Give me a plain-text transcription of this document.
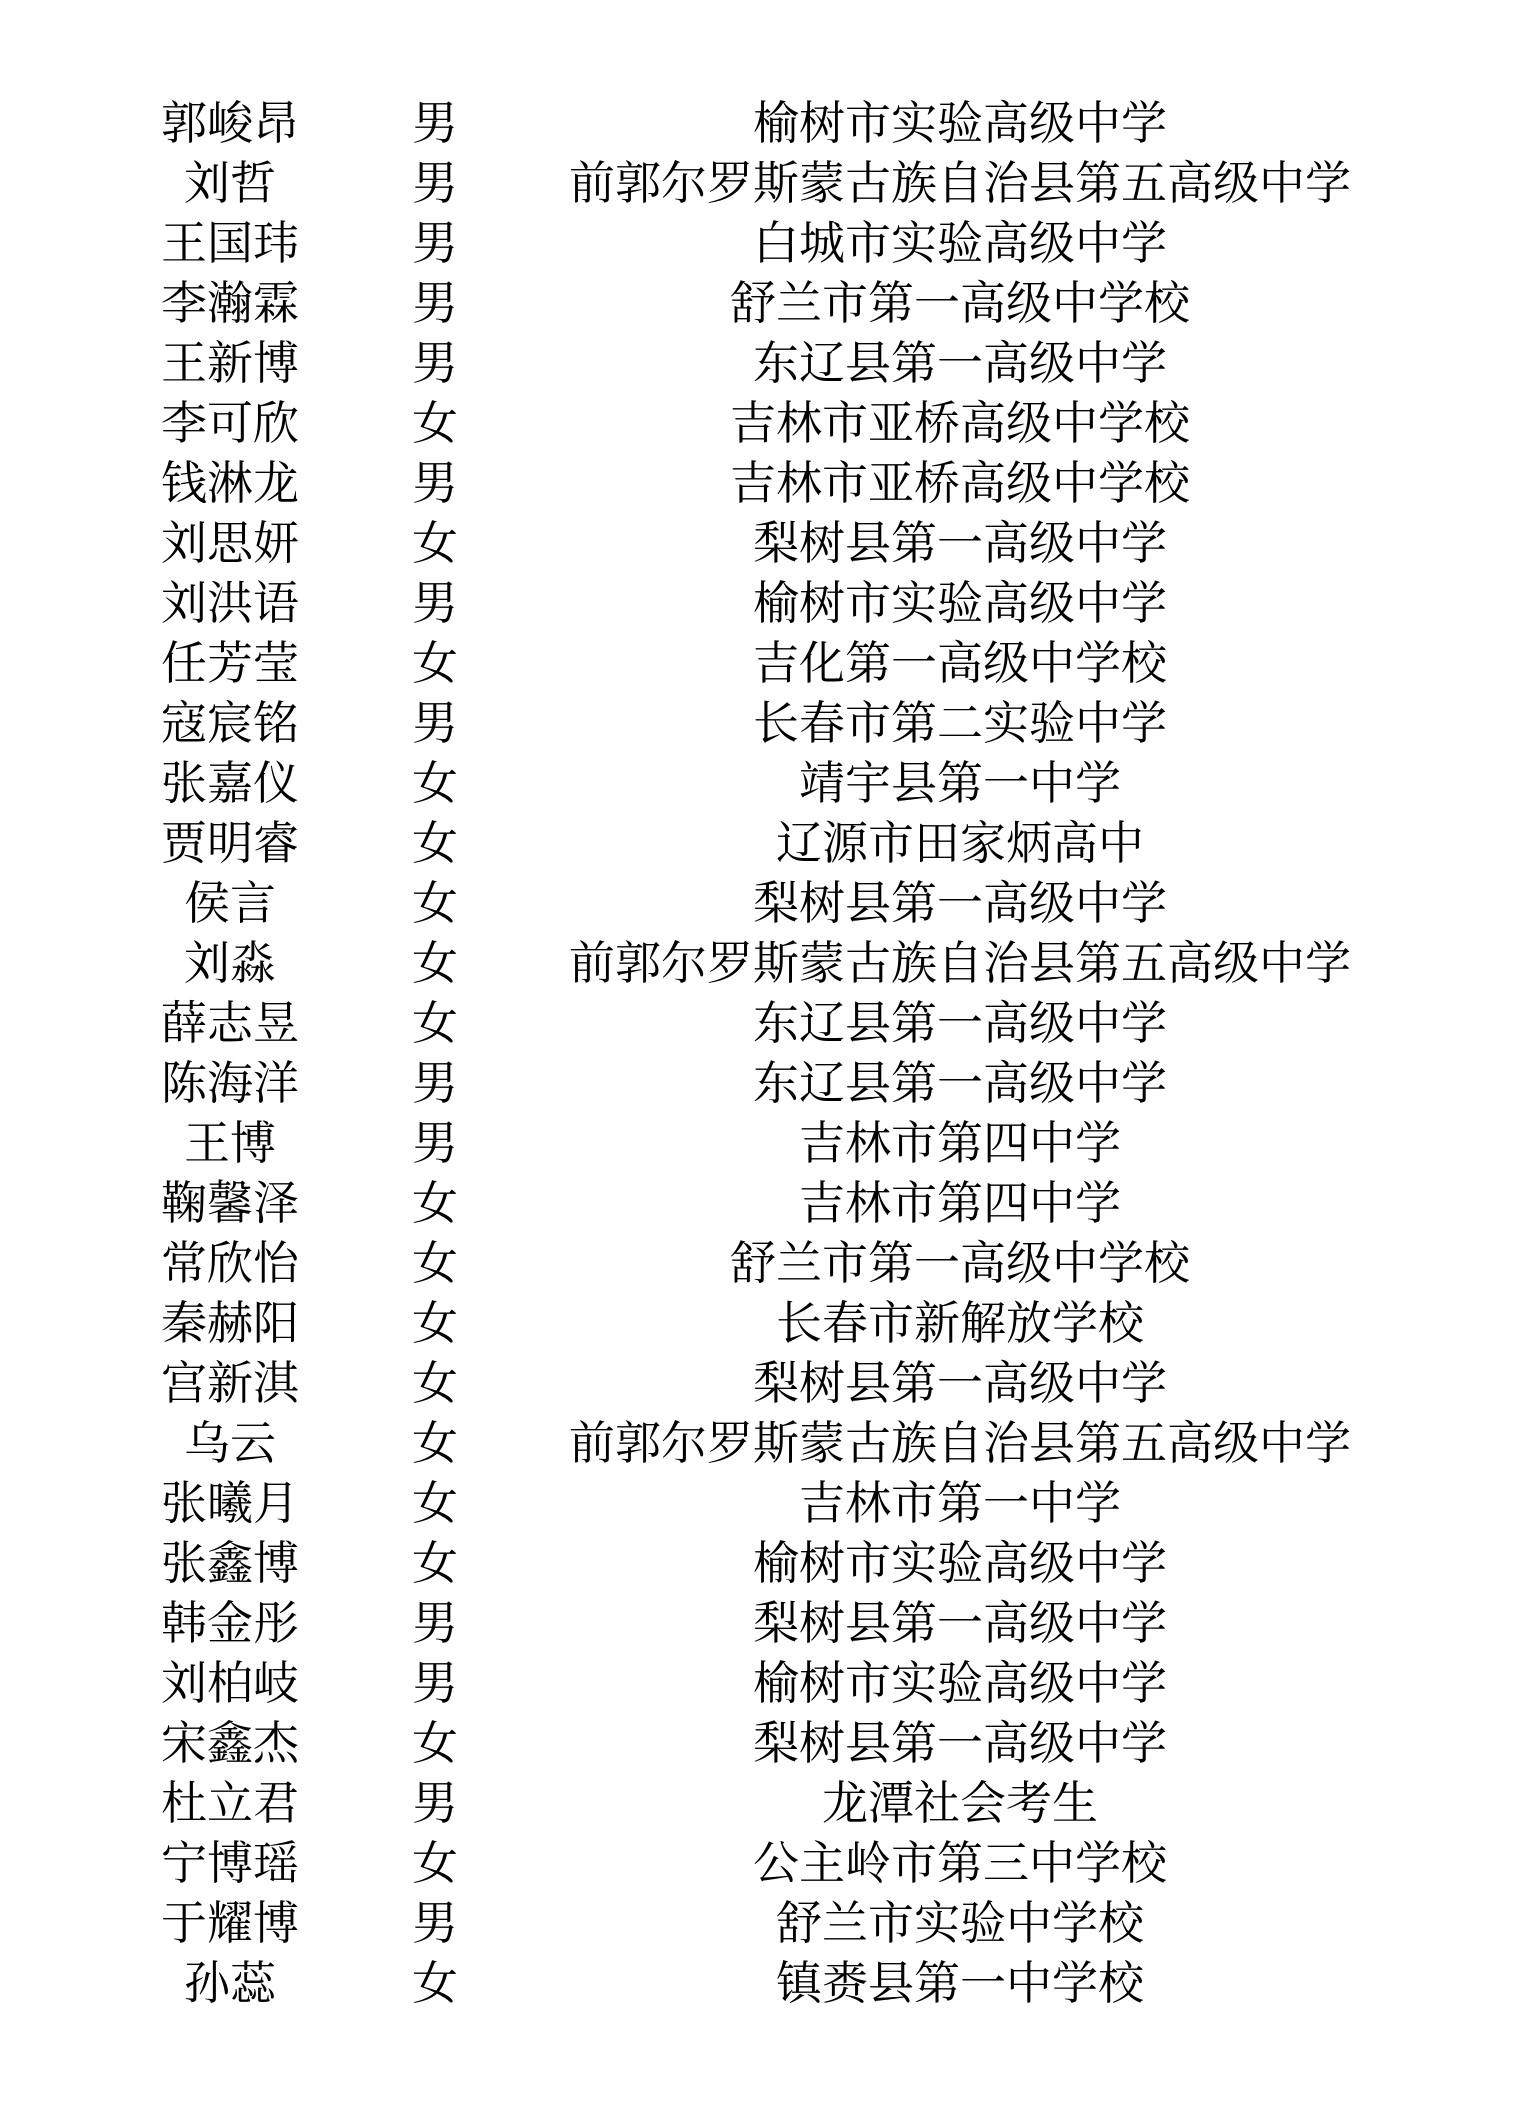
郭峻昂	男	榆树市实验高级中学
刘哲	男	前郭尔罗斯蒙古族自治县第五高级中学
王国玮	男	白城市实验高级中学
李瀚霖	男	舒兰市第一高级中学校
王新博	男	东辽县第一高级中学
李可欣	女	吉林市亚桥高级中学校
钱淋龙	男	吉林市亚桥高级中学校
刘思妍	女	梨树县第一高级中学
刘洪语	男	榆树市实验高级中学
任芳莹	女	吉化第一高级中学校
寇宸铭	男	长春市第二实验中学
张嘉仪	女	靖宇县第一中学
贾明睿	女	辽源市田家炳高中
侯言	女	梨树县第一高级中学
刘淼	女	前郭尔罗斯蒙古族自治县第五高级中学
薛志昱	女	东辽县第一高级中学
陈海洋	男	东辽县第一高级中学
王博	男	吉林市第四中学
鞠馨泽	女	吉林市第四中学
常欣怡	女	舒兰市第一高级中学校
秦赫阳	女	长春市新解放学校
宫新淇	女	梨树县第一高级中学
乌云	女	前郭尔罗斯蒙古族自治县第五高级中学
张曦月	女	吉林市第一中学
张鑫博	女	榆树市实验高级中学
韩金彤	男	梨树县第一高级中学
刘柏岐	男	榆树市实验高级中学
宋鑫杰	女	梨树县第一高级中学
杜立君	男	龙潭社会考生
宁博瑶	女	公主岭市第三中学校
于耀博	男	舒兰市实验中学校
孙蕊	女	镇赉县第一中学校
